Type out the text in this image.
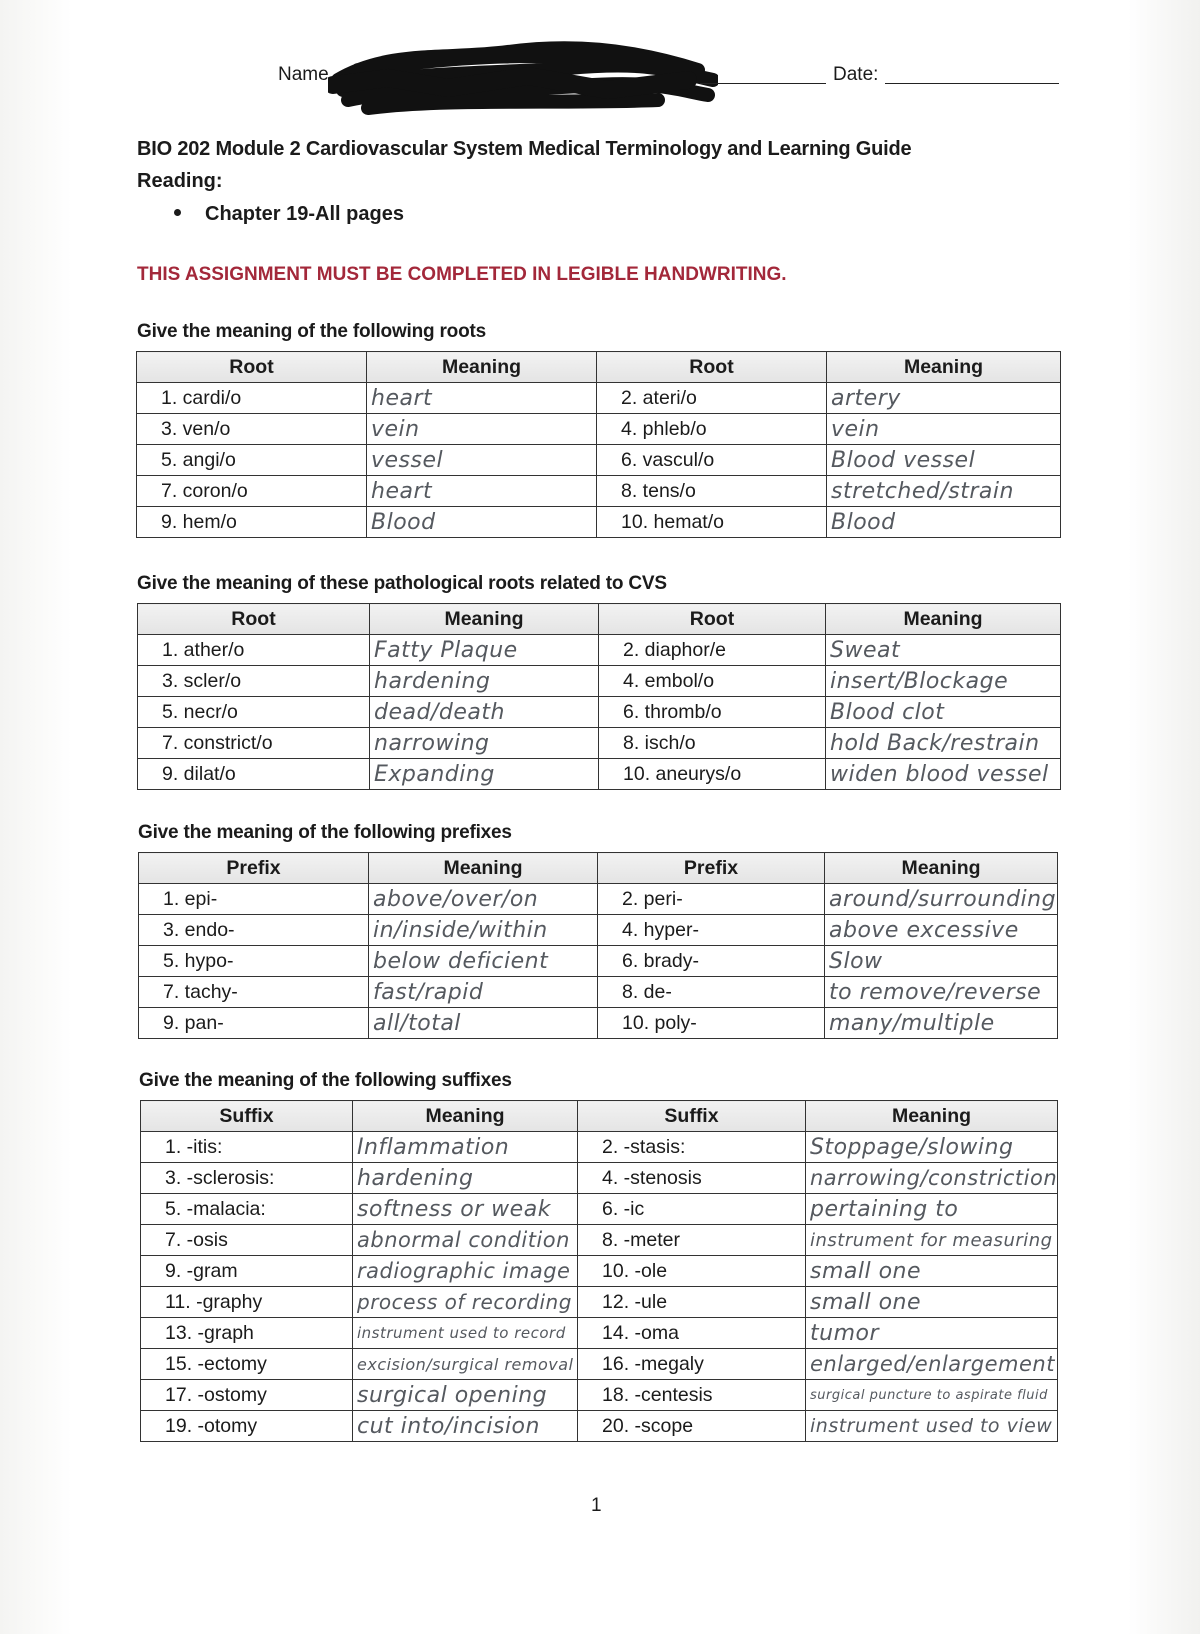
Name	Date:
BIO 202 Module 2 Cardiovascular System Medical Terminology and Learning Guide
Reading:
Chapter 19-All pages
THIS ASSIGNMENT MUST BE COMPLETED IN LEGIBLE HANDWRITING.
Give the meaning of the following roots
Root	Meaning	Root	Meaning
1. cardi/o	heart	2. ateri/o	artery
3. ven/o	vein	4. phleb/o	vein
5. angi/o	vessel	6. vascul/o	Blood vessel
7. coron/o	heart	8. tens/o	stretched/strain
9. hem/o	Blood	10. hemat/o	Blood
Give the meaning of these pathological roots related to CVS
Root	Meaning	Root	Meaning
1. ather/o	Fatty Plaque	2. diaphor/e	Sweat
3. scler/o	hardening	4. embol/o	insert/Blockage
5. necr/o	dead/death	6. thromb/o	Blood clot
7. constrict/o	narrowing	8. isch/o	hold Back/restrain
9. dilat/o	Expanding	10. aneurys/o	widen blood vessel
Give the meaning of the following prefixes
Prefix	Meaning	Prefix	Meaning
1. epi-	above/over/on	2. peri-	around/surrounding
3. endo-	in/inside/within	4. hyper-	above excessive
5. hypo-	below deficient	6. brady-	Slow
7. tachy-	fast/rapid	8. de-	to remove/reverse
9. pan-	all/total	10. poly-	many/multiple
Give the meaning of the following suffixes
Suffix	Meaning	Suffix	Meaning
1. -itis:	Inflammation	2. -stasis:	Stoppage/slowing
3. -sclerosis:	hardening	4. -stenosis	narrowing/constriction
5. -malacia:	softness or weak	6. -ic	pertaining to
7. -osis	abnormal condition	8. -meter	instrument for measuring
9. -gram	radiographic image	10. -ole	small one
11. -graphy	process of recording	12. -ule	small one
13. -graph	instrument used to record	14. -oma	tumor
15. -ectomy	excision/surgical removal	16. -megaly	enlarged/enlargement
17. -ostomy	surgical opening	18. -centesis	surgical puncture to aspirate fluid
19. -otomy	cut into/incision	20. -scope	instrument used to view
1
